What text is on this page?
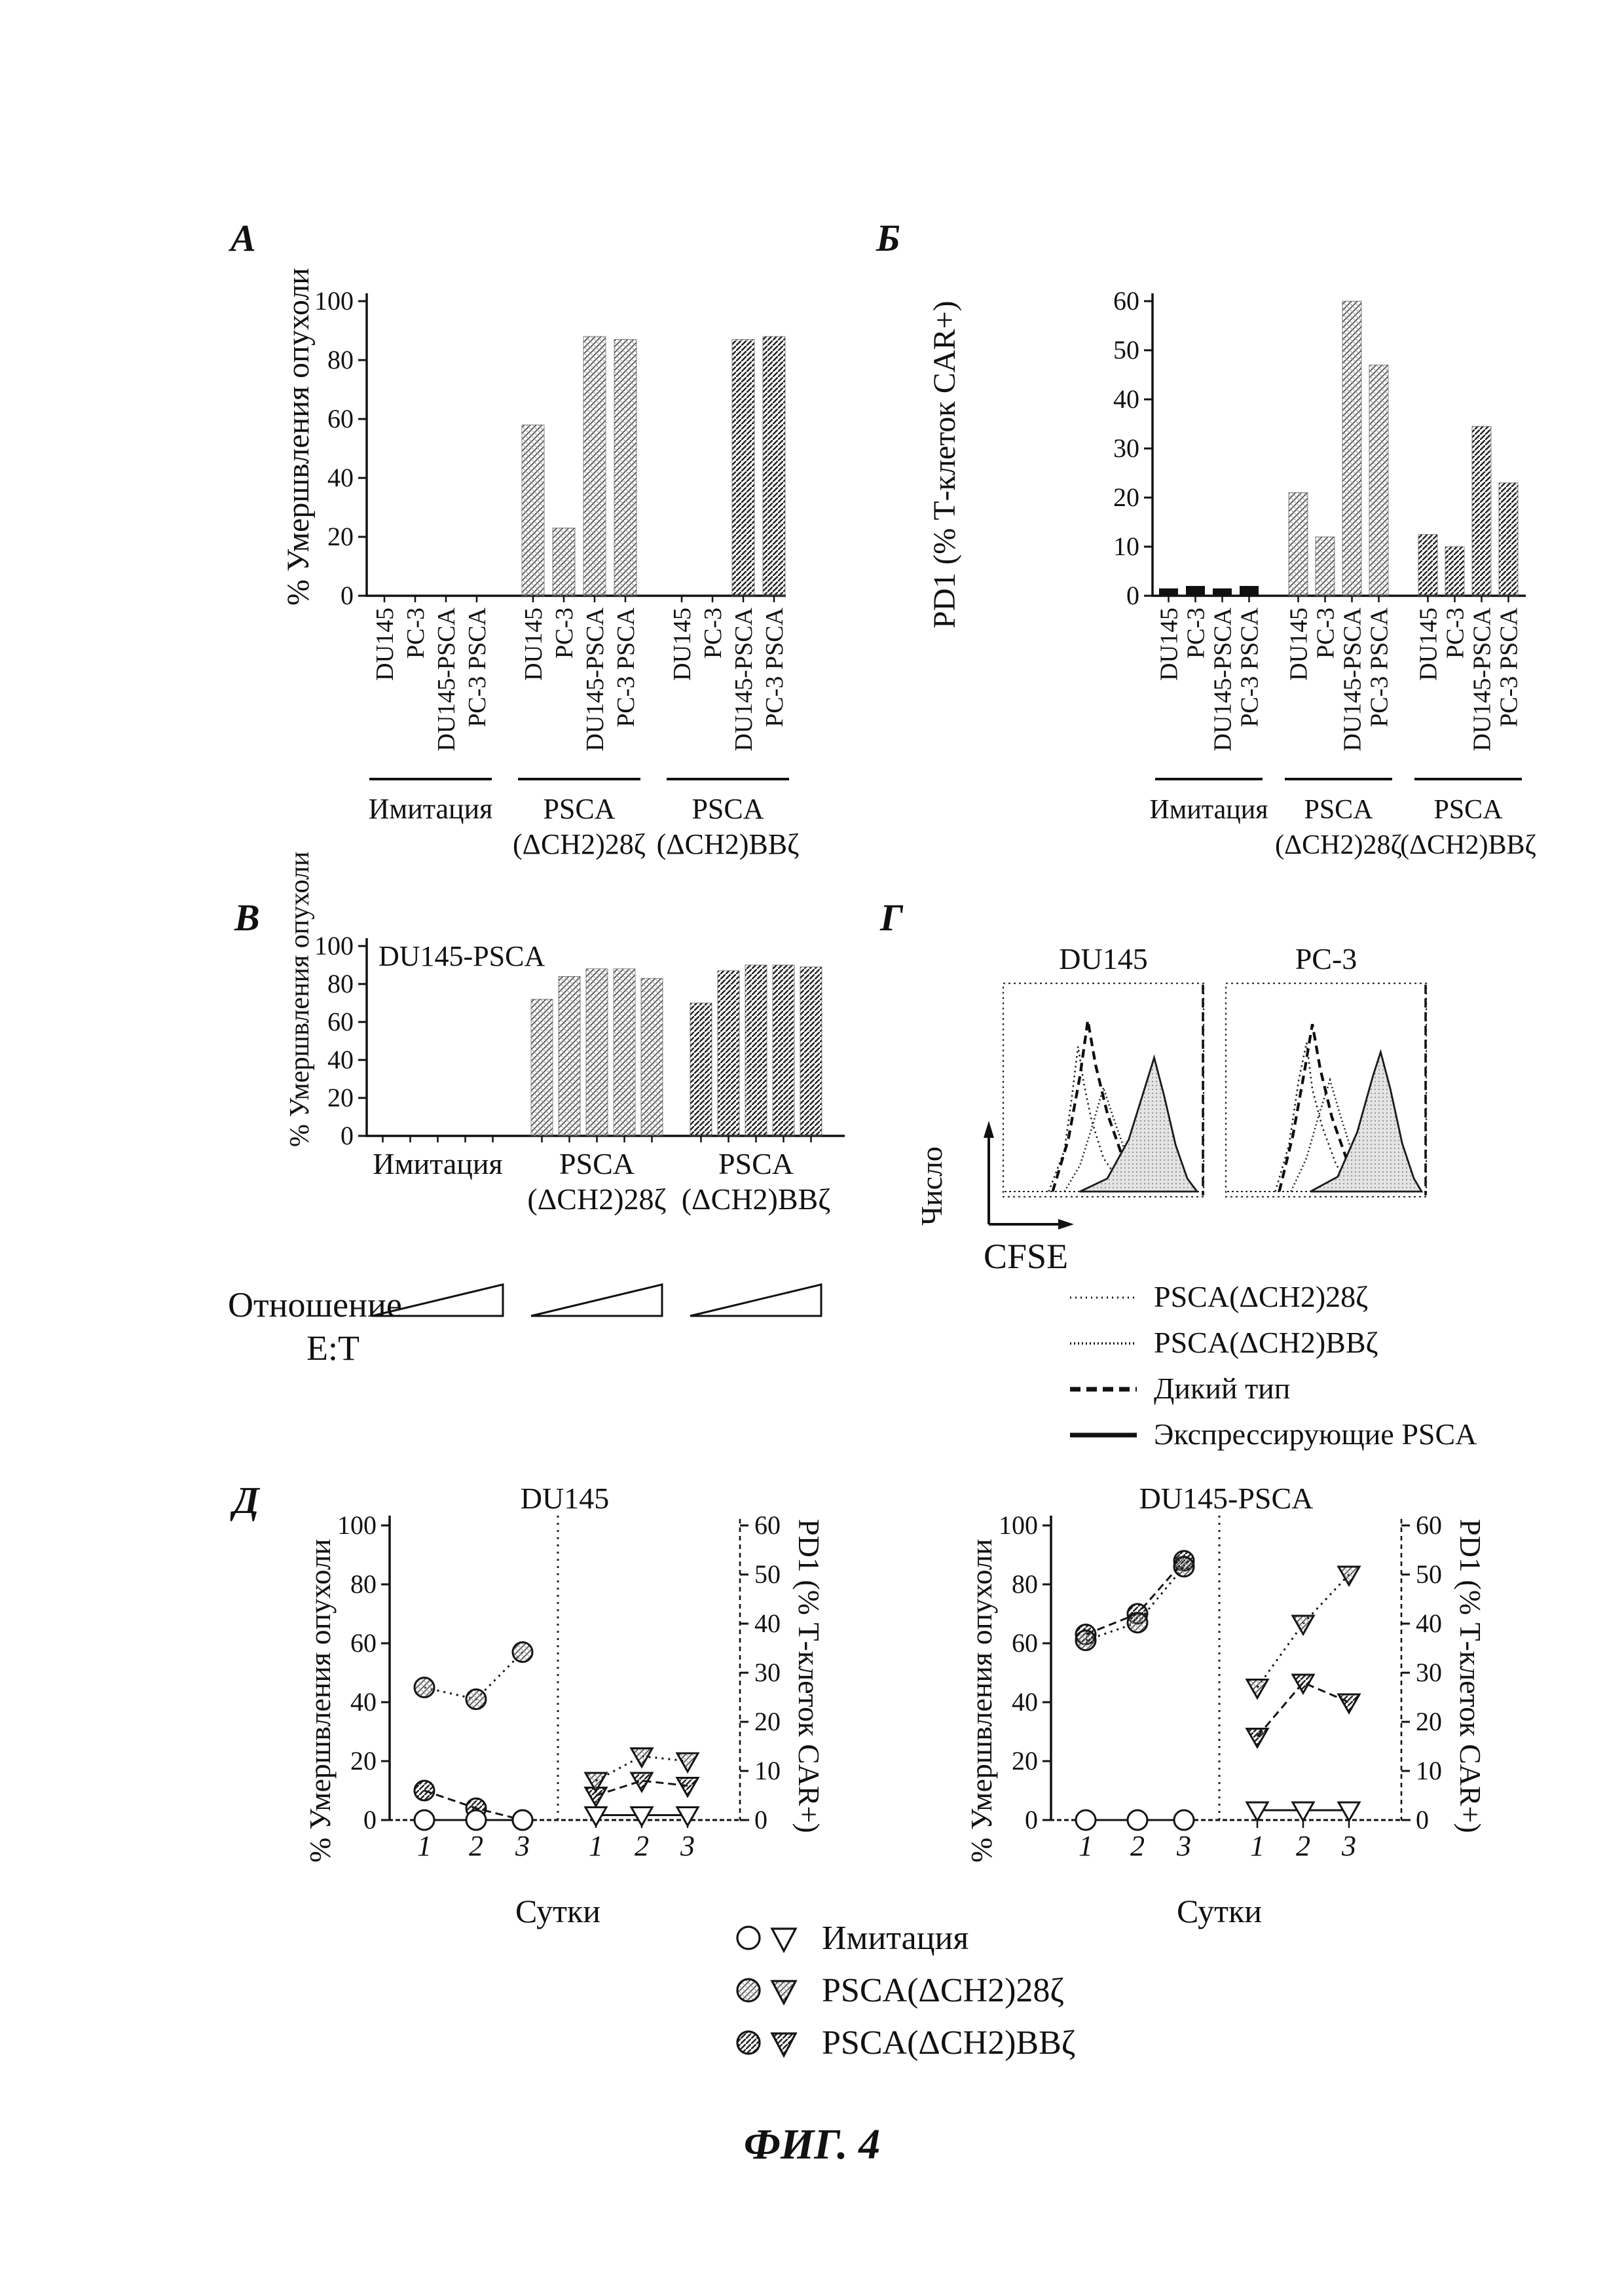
А	Б
В	Г
Д
% Умершвления опухоли	PD1 (% Т-клеток CAR+)
% Умершвления опухоли
% Умершвления опухоли	% Умершвления опухоли
PD1 (% Т-клеток CAR+)	PD1 (% Т-клеток CAR+)
0
20
40
60
80
100
DU145 PC-3 DU145-PSCA PC-3 PSCA
Имитация
DU145 PC-3 DU145-PSCA PC-3 PSCA
PSCA
(ΔCH2)28ζ
DU145 PC-3 DU145-PSCA PC-3 PSCA
PSCA
(ΔCH2)BBζ
0
10
20
30
40
50
60
DU145 PC-3 DU145-PSCA PC-3 PSCA
Имитация
DU145 PC-3 DU145-PSCA PC-3 PSCA
PSCA
(ΔCH2)28ζ
DU145 PC-3 DU145-PSCA PC-3 PSCA
PSCA
(ΔCH2)BBζ
0
20
40
60
80
100
Имитация PSCA
(ΔCH2)28ζ
PSCA
(ΔCH2)BBζ
DU145-PSCA
Отношение
E:T
DU145	PC-3
Число
CFSE
PSCA(ΔCH2)28ζ
PSCA(ΔCH2)BBζ
Дикий тип
Экспрессирующие PSCA
0
20
40
60
80
100
0
10
20
30
40
50
60
1 2 3 1 2 3
DU145
0
20
40
60
80
100
0
10
20
30
40
50
60
1 2 3 1 2 3
DU145-PSCA
Сутки	Сутки
Имитация
PSCA(ΔCH2)28ζ
PSCA(ΔCH2)BBζ
ФИГ. 4
